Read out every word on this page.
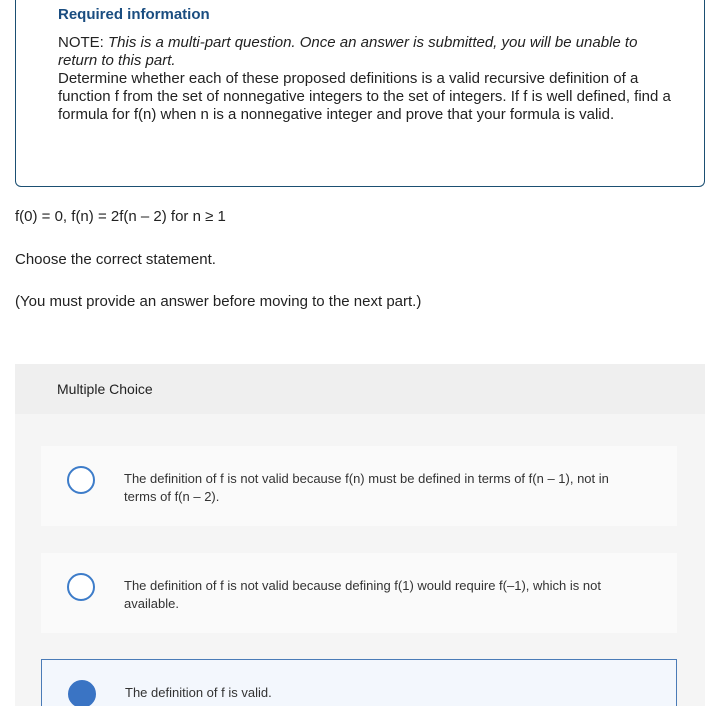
Required information
NOTE: This is a multi-part question. Once an answer is submitted, you will be unable to return to this part.
Determine whether each of these proposed definitions is a valid recursive definition of a function f from the set of nonnegative integers to the set of integers. If f is well defined, find a formula for f(n) when n is a nonnegative integer and prove that your formula is valid.
f(0) = 0, f(n) = 2f(n – 2) for n ≥ 1
Choose the correct statement.
(You must provide an answer before moving to the next part.)
Multiple Choice
The definition of f is not valid because f(n) must be defined in terms of f(n – 1), not in terms of f(n – 2).
The definition of f is not valid because defining f(1) would require f(–1), which is not available.
The definition of f is valid.
